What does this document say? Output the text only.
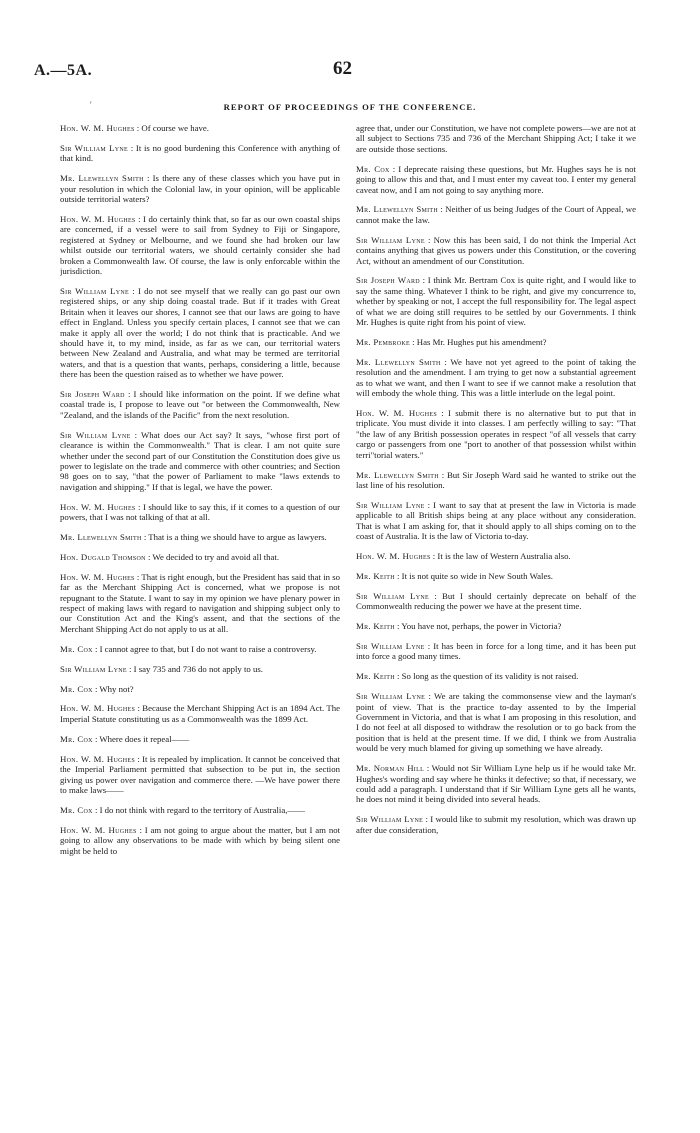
A.—5A.	62
'	REPORT OF PROCEEDINGS OF THE CONFERENCE.

Hon. W. M. Hughes : Of course we have.

Sir William Lyne : It is no good burdening this Conference with anything of that kind.

Mr. Llewellyn Smith : Is there any of these classes which you have put in your resolution in which the Colonial law, in your opinion, will be applicable outside territorial waters?

Hon. W. M. Hughes : I do certainly think that, so far as our own coastal ships are concerned, if a vessel were to sail from Sydney to Fiji or Singapore, registered at Sydney or Melbourne, and we found she had broken our law whilst outside our territorial waters, we should certainly consider she had broken a Commonwealth law. Of course, the law is only enforcable within the jurisdiction.

Sir William Lyne : I do not see myself that we really can go past our own registered ships, or any ship doing coastal trade. But if it trades with Great Britain when it leaves our shores, I cannot see that our laws are going to have effect in England. Unless you specify certain places, I cannot see that we can make it apply all over the world; I do not think that is practicable. And we should have it, to my mind, inside, as far as we can, our territorial waters between New Zealand and Australia, and what may be termed are territorial waters, and that is a question that wants, perhaps, considering a little, because there has been the question raised as to whether we have power.

Sir Joseph Ward : I should like information on the point. If we define what coastal trade is, I propose to leave out "or between the Commonwealth, New "Zealand, and the islands of the Pacific" from the next resolution.

Sir William Lyne : What does our Act say? It says, "whose first port of clearance is within the Commonwealth." That is clear. I am not quite sure whether under the second part of our Constitution the Constitution does give us power to legislate on the trade and commerce with other countries; and Section 98 goes on to say, "that the power of Parliament to make "laws extends to navigation and shipping." If that is legal, we have the power.

Hon. W. M. Hughes : I should like to say this, if it comes to a question of our powers, that I was not talking of that at all.

Mr. Llewellyn Smith : That is a thing we should have to argue as lawyers.

Hon. Dugald Thomson : We decided to try and avoid all that.

Hon. W. M. Hughes : That is right enough, but the President has said that in so far as the Merchant Shipping Act is concerned, what we propose is not repugnant to the Statute. I want to say in my opinion we have plenary power in respect of making laws with regard to navigation and shipping subject only to our Constitution Act and the King's assent, and that the sections of the Merchant Shipping Act do not apply to us at all.

Mr. Cox : I cannot agree to that, but I do not want to raise a controversy.

Sir William Lyne : I say 735 and 736 do not apply to us.

Mr. Cox : Why not?

Hon. W. M. Hughes : Because the Merchant Shipping Act is an 1894 Act. The Imperial Statute constituting us as a Commonwealth was the 1899 Act.

Mr. Cox : Where does it repeal——

Hon. W. M. Hughes : It is repealed by implication. It cannot be conceived that the Imperial Parliament permitted that subsection to be put in, the section giving us power over navigation and commerce there. —We have power there to make laws——

Mr. Cox : I do not think with regard to the territory of Australia,——

Hon. W. M. Hughes : I am not going to argue about the matter, but I am not going to allow any observations to be made with which by being silent one might be held to

agree that, under our Constitution, we have not complete powers—we are not at all subject to Sections 735 and 736 of the Merchant Shipping Act; I take it we are outside those sections.

Mr. Cox : I deprecate raising these questions, but Mr. Hughes says he is not going to allow this and that, and I must enter my caveat too. I enter my general caveat now, and I am not going to say anything more.

Mr. Llewellyn Smith : Neither of us being Judges of the Court of Appeal, we cannot make the law.

Sir William Lyne : Now this has been said, I do not think the Imperial Act contains anything that gives us powers under this Constitution, or the covering Act, without an amendment of our Constitution.

Sir Joseph Ward : I think Mr. Bertram Cox is quite right, and I would like to say the same thing. Whatever I think to be right, and give my concurrence to, whether by speaking or not, I accept the full responsibility for. The legal aspect of what we are doing still requires to be settled by our Governments. I think Mr. Hughes is quite right from his point of view.

Mr. Pembroke : Has Mr. Hughes put his amendment?

Mr. Llewellyn Smith : We have not yet agreed to the point of taking the resolution and the amendment. I am trying to get now a substantial agreement as to what we want, and then I want to see if we cannot make a resolution that will embody the whole thing. This was a little interlude on the legal point.

Hon. W. M. Hughes : I submit there is no alternative but to put that in triplicate. You must divide it into classes. I am perfectly willing to say: "That "the law of any British possession operates in respect "of all vessels that carry cargo or passengers from one "port to another of that possession whilst within terri"torial waters."

Mr. Llewellyn Smith : But Sir Joseph Ward said he wanted to strike out the last line of his resolution.

Sir William Lyne : I want to say that at present the law in Victoria is made applicable to all British ships being at any place without any consideration. That is what I am asking for, that it should apply to all ships coming on to the coast of Australia. It is the law of Victoria to-day.

Hon. W. M. Hughes : It is the law of Western Australia also.

Mr. Keith : It is not quite so wide in New South Wales.

Sir William Lyne : But I should certainly deprecate on behalf of the Commonwealth reducing the power we have at the present time.

Mr. Keith : You have not, perhaps, the power in Victoria?

Sir William Lyne : It has been in force for a long time, and it has been put into force a good many times.

Mr. Keith : So long as the question of its validity is not raised.

Sir William Lyne : We are taking the commonsense view and the layman's point of view. That is the practice to-day assented to by the Imperial Government in Victoria, and that is what I am proposing in this resolution, and I do not feel at all disposed to withdraw the resolution or to go back from the position that is held at the present time. If we did, I think we from Australia would be very much blamed for giving up something we have already.

Mr. Norman Hill : Would not Sir William Lyne help us if he would take Mr. Hughes's wording and say where he thinks it defective; so that, if necessary, we could add a paragraph. I understand that if Sir William Lyne gets all he wants, he does not mind it being divided into several heads.

Sir William Lyne : I would like to submit my resolution, which was drawn up after due consideration,
